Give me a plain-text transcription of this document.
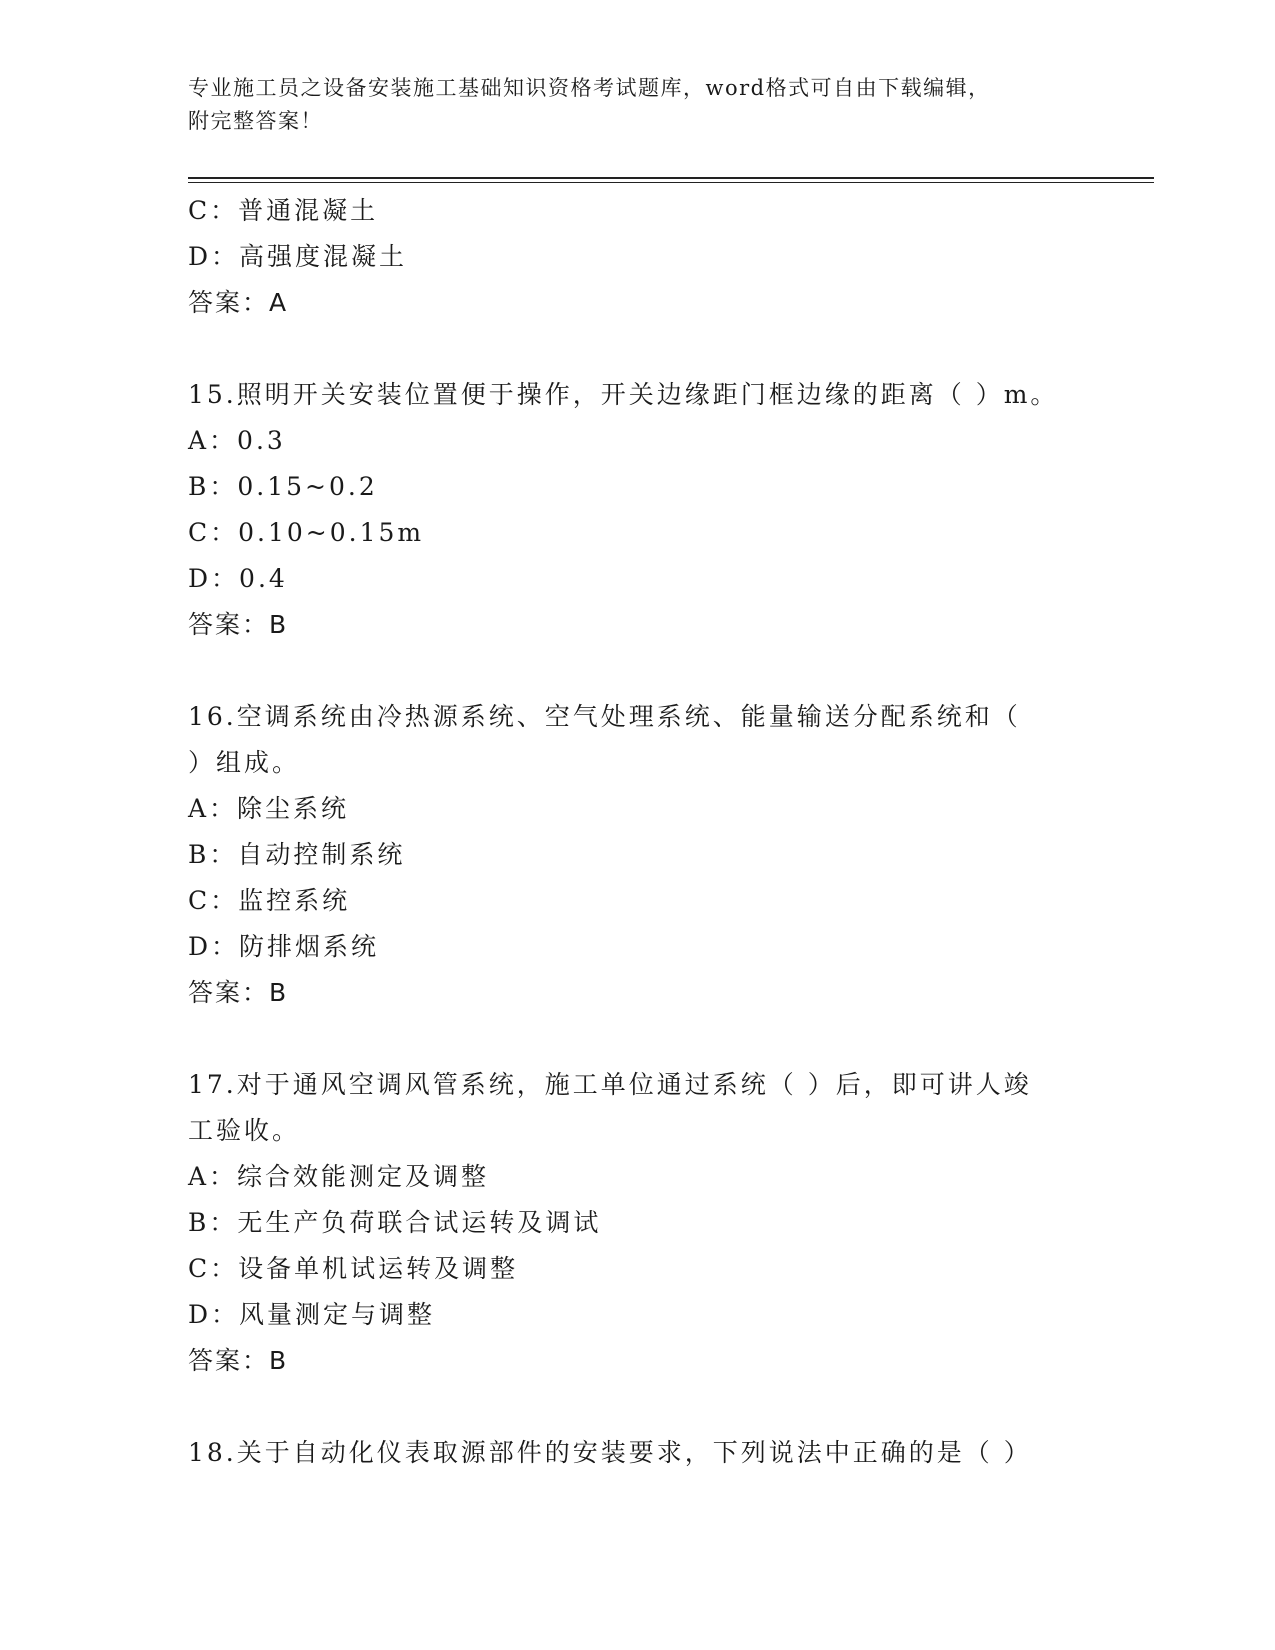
专业施工员之设备安装施工基础知识资格考试题库，word格式可自由下载编辑，
附完整答案！
C：普通混凝土
D：高强度混凝土
答案：A
15.照明开关安装位置便于操作，开关边缘距门框边缘的距离（ ）m。
A：0.3
B：0.15~0.2
C：0.10~0.15m
D：0.4
答案：B
16.空调系统由冷热源系统、空气处理系统、能量输送分配系统和（
）组成。
A：除尘系统
B：自动控制系统
C：监控系统
D：防排烟系统
答案：B
17.对于通风空调风管系统，施工单位通过系统（ ）后，即可讲人竣
工验收。
A：综合效能测定及调整
B：无生产负荷联合试运转及调试
C：设备单机试运转及调整
D：风量测定与调整
答案：B
18.关于自动化仪表取源部件的安装要求，下列说法中正确的是（ ）
